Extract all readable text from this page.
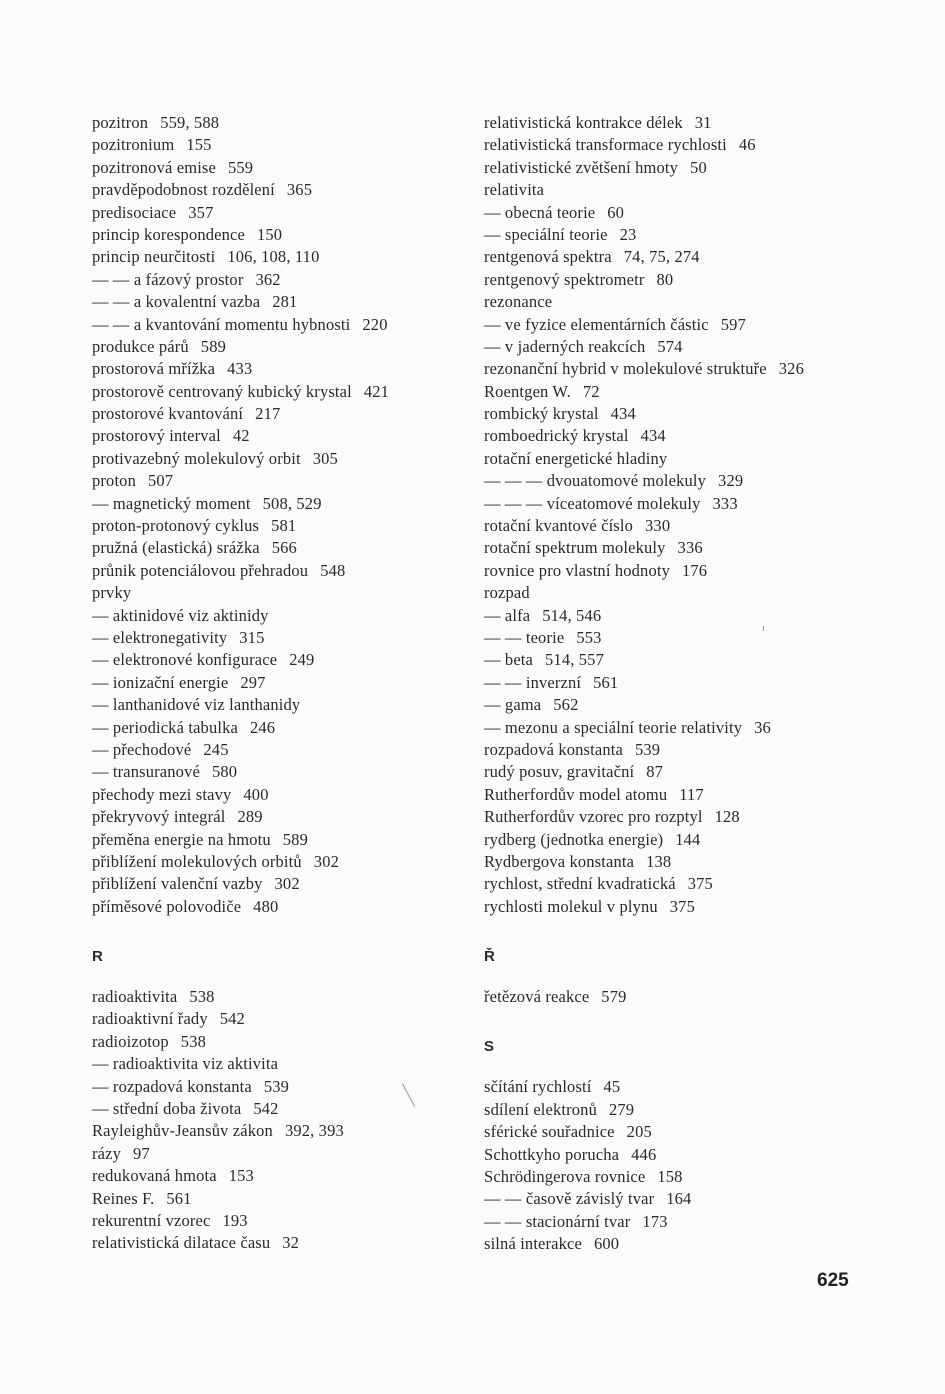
pozitron 559, 588
pozitronium 155
pozitronová emise 559
pravděpodobnost rozdělení 365
predisociace 357
princip korespondence 150
princip neurčitosti 106, 108, 110
— — a fázový prostor 362
— — a kovalentní vazba 281
— — a kvantování momentu hybnosti 220
produkce párů 589
prostorová mřížka 433
prostorově centrovaný kubický krystal 421
prostorové kvantování 217
prostorový interval 42
protivazebný molekulový orbit 305
proton 507
— magnetický moment 508, 529
proton-protonový cyklus 581
pružná (elastická) srážka 566
průnik potenciálovou přehradou 548
prvky
— aktinidové viz aktinidy
— elektronegativity 315
— elektronové konfigurace 249
— ionizační energie 297
— lanthanidové viz lanthanidy
— periodická tabulka 246
— přechodové 245
— transuranové 580
přechody mezi stavy 400
překryvový integrál 289
přeměna energie na hmotu 589
přiblížení molekulových orbitů 302
přiblížení valenční vazby 302
příměsové polovodiče 480
R
radioaktivita 538
radioaktivní řady 542
radioizotop 538
— radioaktivita viz aktivita
— rozpadová konstanta 539
— střední doba života 542
Rayleighův-Jeansův zákon 392, 393
rázy 97
redukovaná hmota 153
Reines F. 561
rekurentní vzorec 193
relativistická dilatace času 32
relativistická kontrakce délek 31
relativistická transformace rychlosti 46
relativistické zvětšení hmoty 50
relativita
— obecná teorie 60
— speciální teorie 23
rentgenová spektra 74, 75, 274
rentgenový spektrometr 80
rezonance
— ve fyzice elementárních částic 597
— v jaderných reakcích 574
rezonanční hybrid v molekulové struktuře 326
Roentgen W. 72
rombický krystal 434
romboedrický krystal 434
rotační energetické hladiny
— — — dvouatomové molekuly 329
— — — víceatomové molekuly 333
rotační kvantové číslo 330
rotační spektrum molekuly 336
rovnice pro vlastní hodnoty 176
rozpad
— alfa 514, 546
— — teorie 553
— beta 514, 557
— — inverzní 561
— gama 562
— mezonu a speciální teorie relativity 36
rozpadová konstanta 539
rudý posuv, gravitační 87
Rutherfordův model atomu 117
Rutherfordův vzorec pro rozptyl 128
rydberg (jednotka energie) 144
Rydbergova konstanta 138
rychlost, střední kvadratická 375
rychlosti molekul v plynu 375
Ř
řetězová reakce 579
S
sčítání rychlostí 45
sdílení elektronů 279
sférické souřadnice 205
Schottkyho porucha 446
Schrödingerova rovnice 158
— — časově závislý tvar 164
— — stacionární tvar 173
silná interakce 600
625
